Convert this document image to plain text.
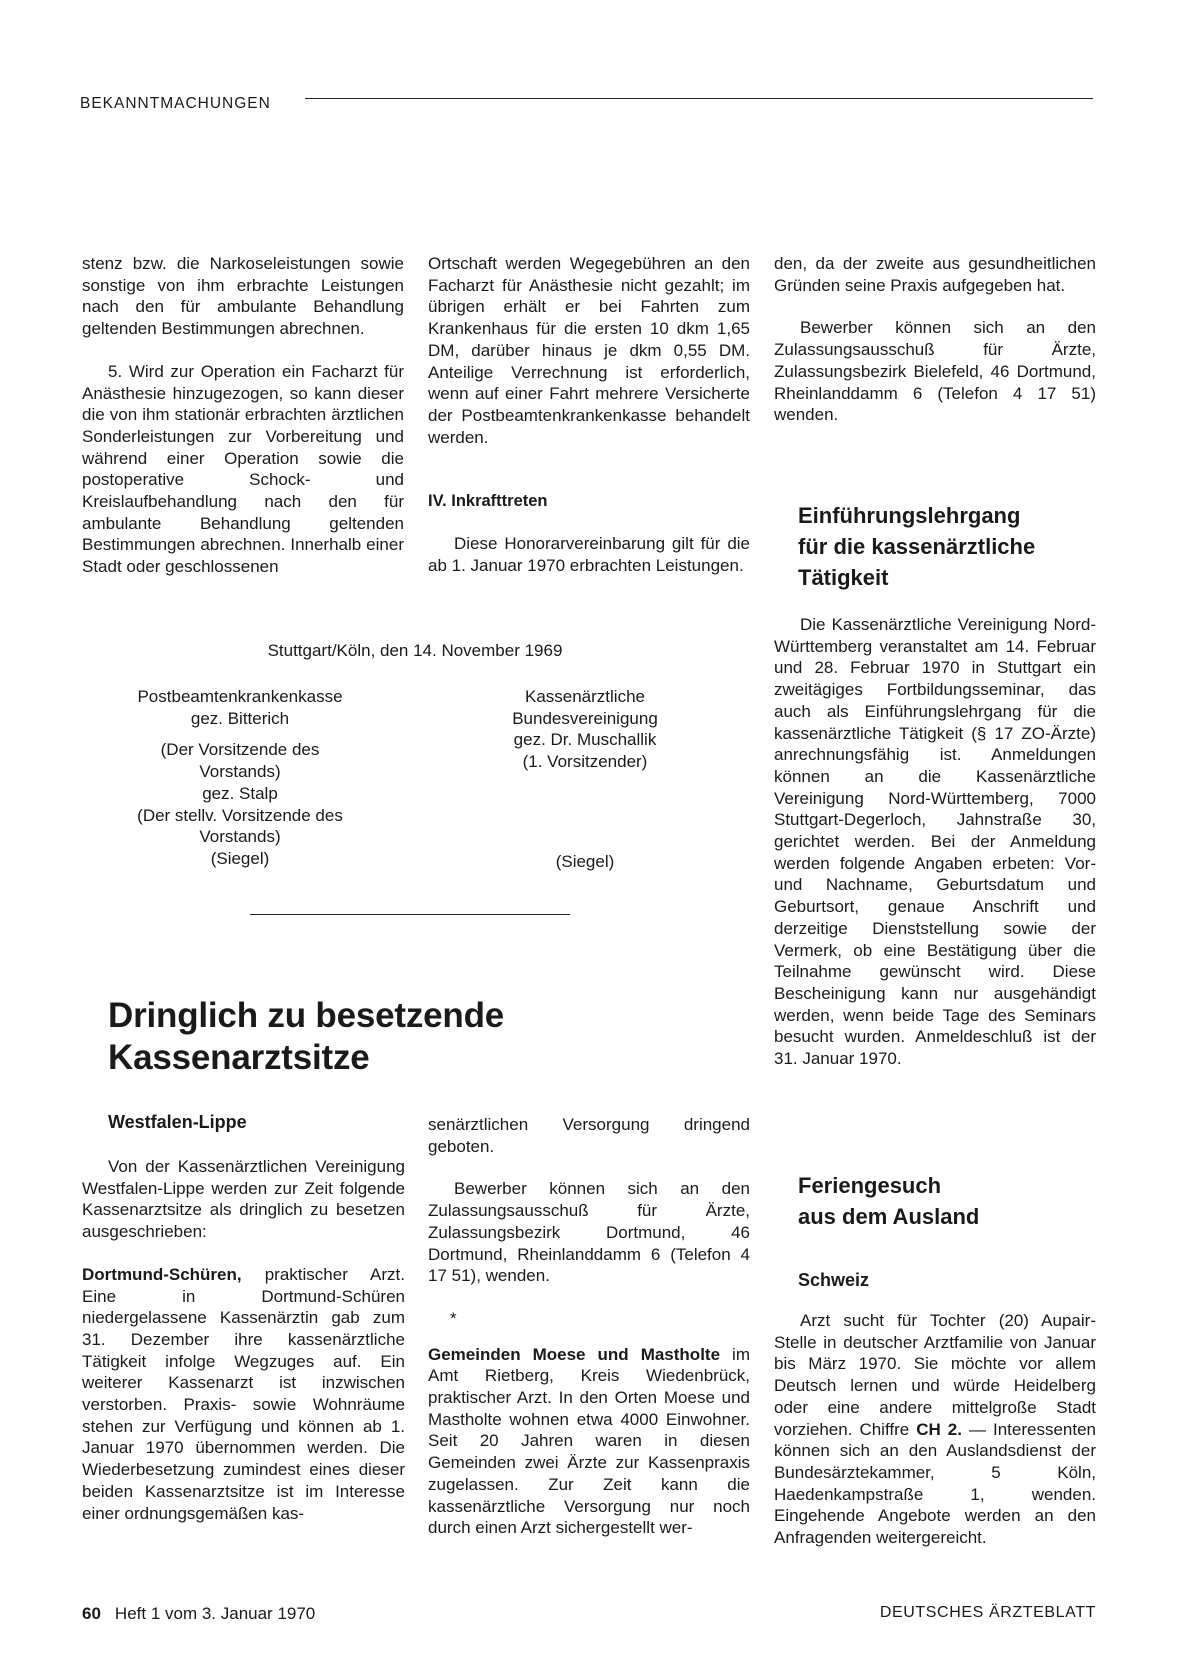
BEKANNTMACHUNGEN

stenz bzw. die Narkoseleistungen sowie sonstige von ihm erbrachte Leistungen nach den für ambulante Behandlung geltenden Bestimmungen abrechnen.

5. Wird zur Operation ein Facharzt für Anästhesie hinzugezogen, so kann dieser die von ihm stationär erbrachten ärztlichen Sonderleistungen zur Vorbereitung und während einer Operation sowie die postoperative Schock- und Kreislaufbehandlung nach den für ambulante Behandlung geltenden Bestimmungen abrechnen. Innerhalb einer Stadt oder geschlossenen

Ortschaft werden Wegegebühren an den Facharzt für Anästhesie nicht gezahlt; im übrigen erhält er bei Fahrten zum Krankenhaus für die ersten 10 dkm 1,65 DM, darüber hinaus je dkm 0,55 DM. Anteilige Verrechnung ist erforderlich, wenn auf einer Fahrt mehrere Versicherte der Postbeamtenkrankenkasse behandelt werden.

IV. Inkrafttreten

Diese Honorarvereinbarung gilt für die ab 1. Januar 1970 erbrachten Leistungen.

den, da der zweite aus gesundheitlichen Gründen seine Praxis aufgegeben hat.

Bewerber können sich an den Zulassungsausschuß für Ärzte, Zulassungsbezirk Bielefeld, 46 Dortmund, Rheinlanddamm 6 (Telefon 4 17 51) wenden.

Einführungslehrgang
für die kassenärztliche
Tätigkeit

Die Kassenärztliche Vereinigung Nord-Württemberg veranstaltet am 14. Februar und 28. Februar 1970 in Stuttgart ein zweitägiges Fortbildungsseminar, das auch als Einführungslehrgang für die kassenärztliche Tätigkeit (§ 17 ZO-Ärzte) anrechnungsfähig ist. Anmeldungen können an die Kassenärztliche Vereinigung Nord-Württemberg, 7000 Stuttgart-Degerloch, Jahnstraße 30, gerichtet werden. Bei der Anmeldung werden folgende Angaben erbeten: Vor- und Nachname, Geburtsdatum und Geburtsort, genaue Anschrift und derzeitige Dienststellung sowie der Vermerk, ob eine Bestätigung über die Teilnahme gewünscht wird. Diese Bescheinigung kann nur ausgehändigt werden, wenn beide Tage des Seminars besucht wurden. Anmeldeschluß ist der 31. Januar 1970.

Stuttgart/Köln, den 14. November 1969
Postbeamtenkrankenkasse
gez. Bitterich
(Der Vorsitzende des
Vorstands)
gez. Stalp
(Der stellv. Vorsitzende des
Vorstands)
(Siegel)
Kassenärztliche
Bundesvereinigung
gez. Dr. Muschallik
(1. Vorsitzender)
(Siegel)
Dringlich zu besetzende
Kassenarztsitze
Westfalen-Lippe

Von der Kassenärztlichen Vereinigung Westfalen-Lippe werden zur Zeit folgende Kassenarztsitze als dringlich zu besetzen ausgeschrieben:

Dortmund-Schüren, praktischer Arzt. Eine in Dortmund-Schüren niedergelassene Kassenärztin gab zum 31. Dezember ihre kassenärztliche Tätigkeit infolge Wegzuges auf. Ein weiterer Kassenarzt ist inzwischen verstorben. Praxis- sowie Wohnräume stehen zur Verfügung und können ab 1. Januar 1970 übernommen werden. Die Wiederbesetzung zumindest eines dieser beiden Kassenarztsitze ist im Interesse einer ordnungsgemäßen kas-

senärztlichen Versorgung dringend geboten.

Bewerber können sich an den Zulassungsausschuß für Ärzte, Zulassungsbezirk Dortmund, 46 Dortmund, Rheinlanddamm 6 (Telefon 4 17 51), wenden.

*

Gemeinden Moese und Mastholte im Amt Rietberg, Kreis Wiedenbrück, praktischer Arzt. In den Orten Moese und Mastholte wohnen etwa 4000 Einwohner. Seit 20 Jahren waren in diesen Gemeinden zwei Ärzte zur Kassenpraxis zugelassen. Zur Zeit kann die kassenärztliche Versorgung nur noch durch einen Arzt sichergestellt wer-

Feriengesuch
aus dem Ausland
Schweiz

Arzt sucht für Tochter (20) Aupair-Stelle in deutscher Arztfamilie von Januar bis März 1970. Sie möchte vor allem Deutsch lernen und würde Heidelberg oder eine andere mittelgroße Stadt vorziehen. Chiffre CH 2. — Interessenten können sich an den Auslandsdienst der Bundesärztekammer, 5 Köln, Haedenkampstraße 1, wenden. Eingehende Angebote werden an den Anfragenden weitergereicht.

60 Heft 1 vom 3. Januar 1970	DEUTSCHES ÄRZTEBLATT
